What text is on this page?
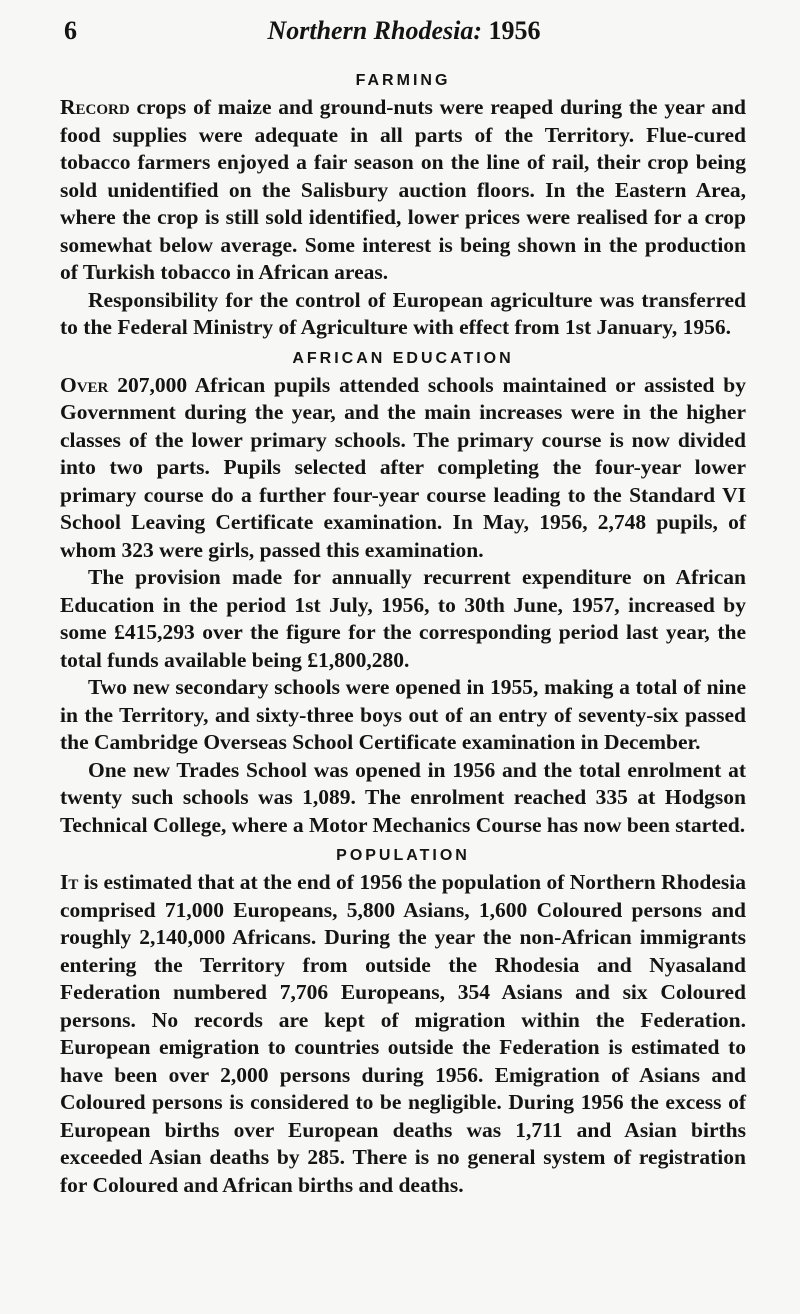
6	Northern Rhodesia: 1956
FARMING

Record crops of maize and ground-nuts were reaped during the year and food supplies were adequate in all parts of the Territory. Flue-cured tobacco farmers enjoyed a fair season on the line of rail, their crop being sold unidentified on the Salisbury auction floors. In the Eastern Area, where the crop is still sold identified, lower prices were realised for a crop somewhat below average. Some interest is being shown in the production of Turkish tobacco in African areas.

Responsibility for the control of European agriculture was transferred to the Federal Ministry of Agriculture with effect from 1st January, 1956.

AFRICAN EDUCATION

Over 207,000 African pupils attended schools maintained or assisted by Government during the year, and the main increases were in the higher classes of the lower primary schools. The primary course is now divided into two parts. Pupils selected after completing the four-year lower primary course do a further four-year course leading to the Standard VI School Leaving Certificate examination. In May, 1956, 2,748 pupils, of whom 323 were girls, passed this examination.

The provision made for annually recurrent expenditure on African Education in the period 1st July, 1956, to 30th June, 1957, increased by some £415,293 over the figure for the corresponding period last year, the total funds available being £1,800,280.

Two new secondary schools were opened in 1955, making a total of nine in the Territory, and sixty-three boys out of an entry of seventy-six passed the Cambridge Overseas School Certificate examination in December.

One new Trades School was opened in 1956 and the total enrolment at twenty such schools was 1,089. The enrolment reached 335 at Hodgson Technical College, where a Motor Mechanics Course has now been started.

POPULATION

It is estimated that at the end of 1956 the population of Northern Rhodesia comprised 71,000 Europeans, 5,800 Asians, 1,600 Coloured persons and roughly 2,140,000 Africans. During the year the non-African immigrants entering the Territory from outside the Rhodesia and Nyasaland Federation numbered 7,706 Europeans, 354 Asians and six Coloured persons. No records are kept of migration within the Federation. European emigration to countries outside the Federation is estimated to have been over 2,000 persons during 1956. Emigration of Asians and Coloured persons is considered to be negligible. During 1956 the excess of European births over European deaths was 1,711 and Asian births exceeded Asian deaths by 285. There is no general system of registration for Coloured and African births and deaths.
